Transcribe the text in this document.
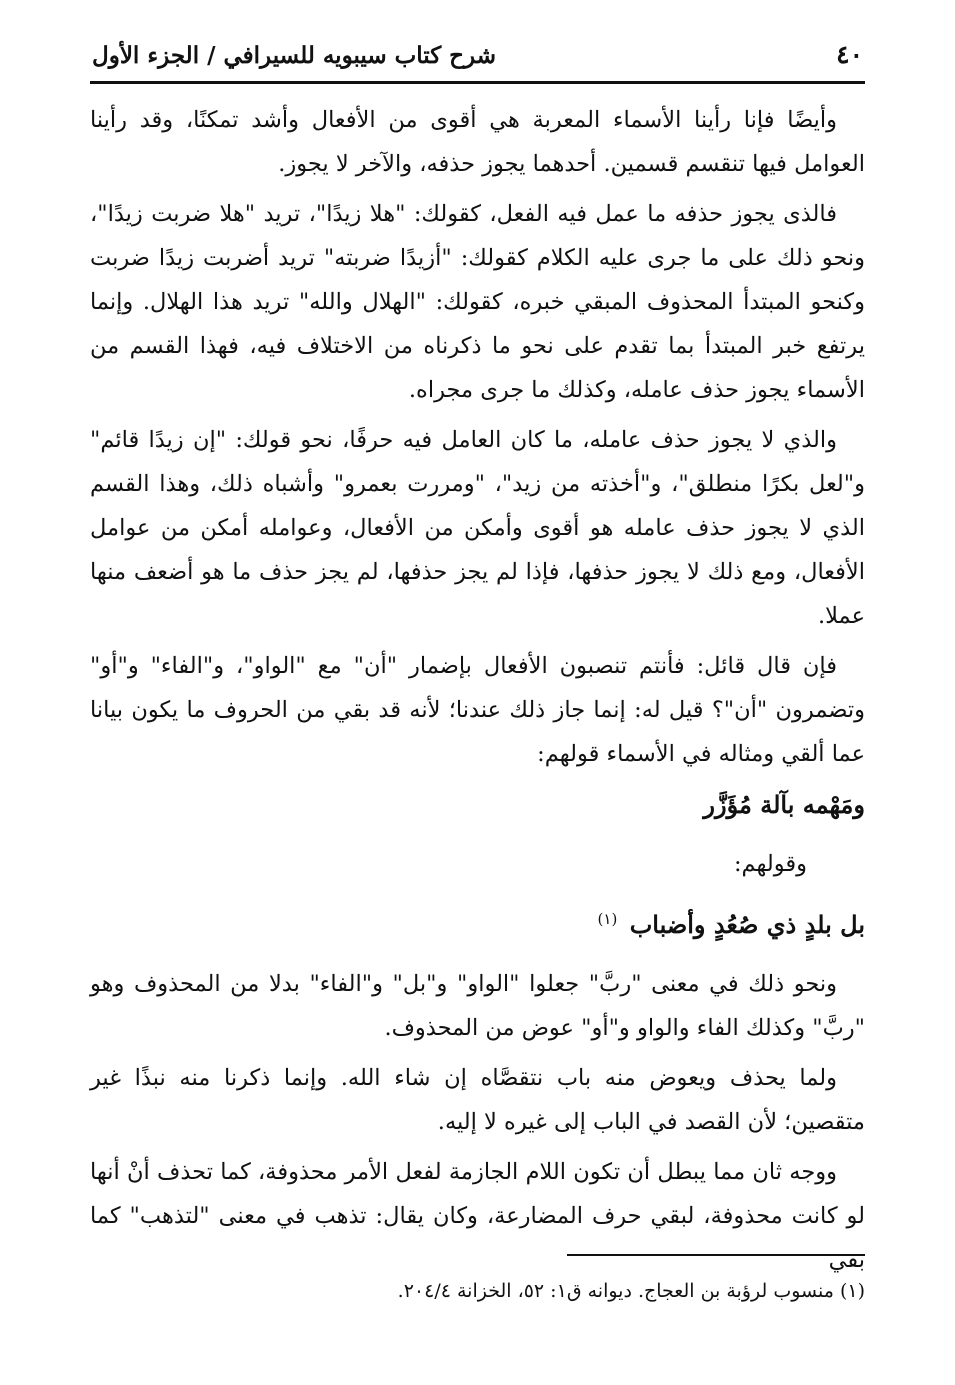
٤٠
شرح كتاب سيبويه للسيرافي / الجزء الأول

وأيضًا فإنا رأينا الأسماء المعربة هي أقوى من الأفعال وأشد تمكنًا، وقد رأينا العوامل فيها تنقسم قسمين. أحدهما يجوز حذفه، والآخر لا يجوز.

فالذى يجوز حذفه ما عمل فيه الفعل، كقولك: "هلا زيدًا"، تريد "هلا ضربت زيدًا"، ونحو ذلك على ما جرى عليه الكلام كقولك: "أزيدًا ضربته" تريد أضربت زيدًا ضربت وكنحو المبتدأ المحذوف المبقي خبره، كقولك: "الهلال والله" تريد هذا الهلال. وإنما يرتفع خبر المبتدأ بما تقدم على نحو ما ذكرناه من الاختلاف فيه، فهذا القسم من الأسماء يجوز حذف عامله، وكذلك ما جرى مجراه.

والذي لا يجوز حذف عامله، ما كان العامل فيه حرفًا، نحو قولك: "إن زيدًا قائم" و"لعل بكرًا منطلق"، و"أخذته من زيد"، "ومررت بعمرو" وأشباه ذلك، وهذا القسم الذي لا يجوز حذف عامله هو أقوى وأمكن من الأفعال، وعوامله أمكن من عوامل الأفعال، ومع ذلك لا يجوز حذفها، فإذا لم يجز حذفها، لم يجز حذف ما هو أضعف منها عملا.

فإن قال قائل: فأنتم تنصبون الأفعال بإضمار "أن" مع "الواو"، و"الفاء" و"أو" وتضمرون "أن"؟ قيل له: إنما جاز ذلك عندنا؛ لأنه قد بقي من الحروف ما يكون بيانا عما ألقي ومثاله في الأسماء قولهم:

ومَهْمه بآلة مُؤَزَّر

وقولهم:

بل بلدٍ ذي صُعُدٍ وأضباب $^{(١)}$

ونحو ذلك في معنى "ربَّ" جعلوا "الواو" و"بل" و"الفاء" بدلا من المحذوف وهو "ربَّ" وكذلك الفاء والواو و"أو" عوض من المحذوف.

ولما يحذف ويعوض منه باب نتقصَّاه إن شاء الله. وإنما ذكرنا منه نبذًا غير متقصين؛ لأن القصد في الباب إلى غيره لا إليه.

ووجه ثان مما يبطل أن تكون اللام الجازمة لفعل الأمر محذوفة، كما تحذف أنْ أنها لو كانت محذوفة، لبقي حرف المضارعة، وكان يقال: تذهب في معنى "لتذهب" كما بقي

(١) منسوب لرؤبة بن العجاج. ديوانه ق١: ٥٢، الخزانة ٢٠٤/٤.
